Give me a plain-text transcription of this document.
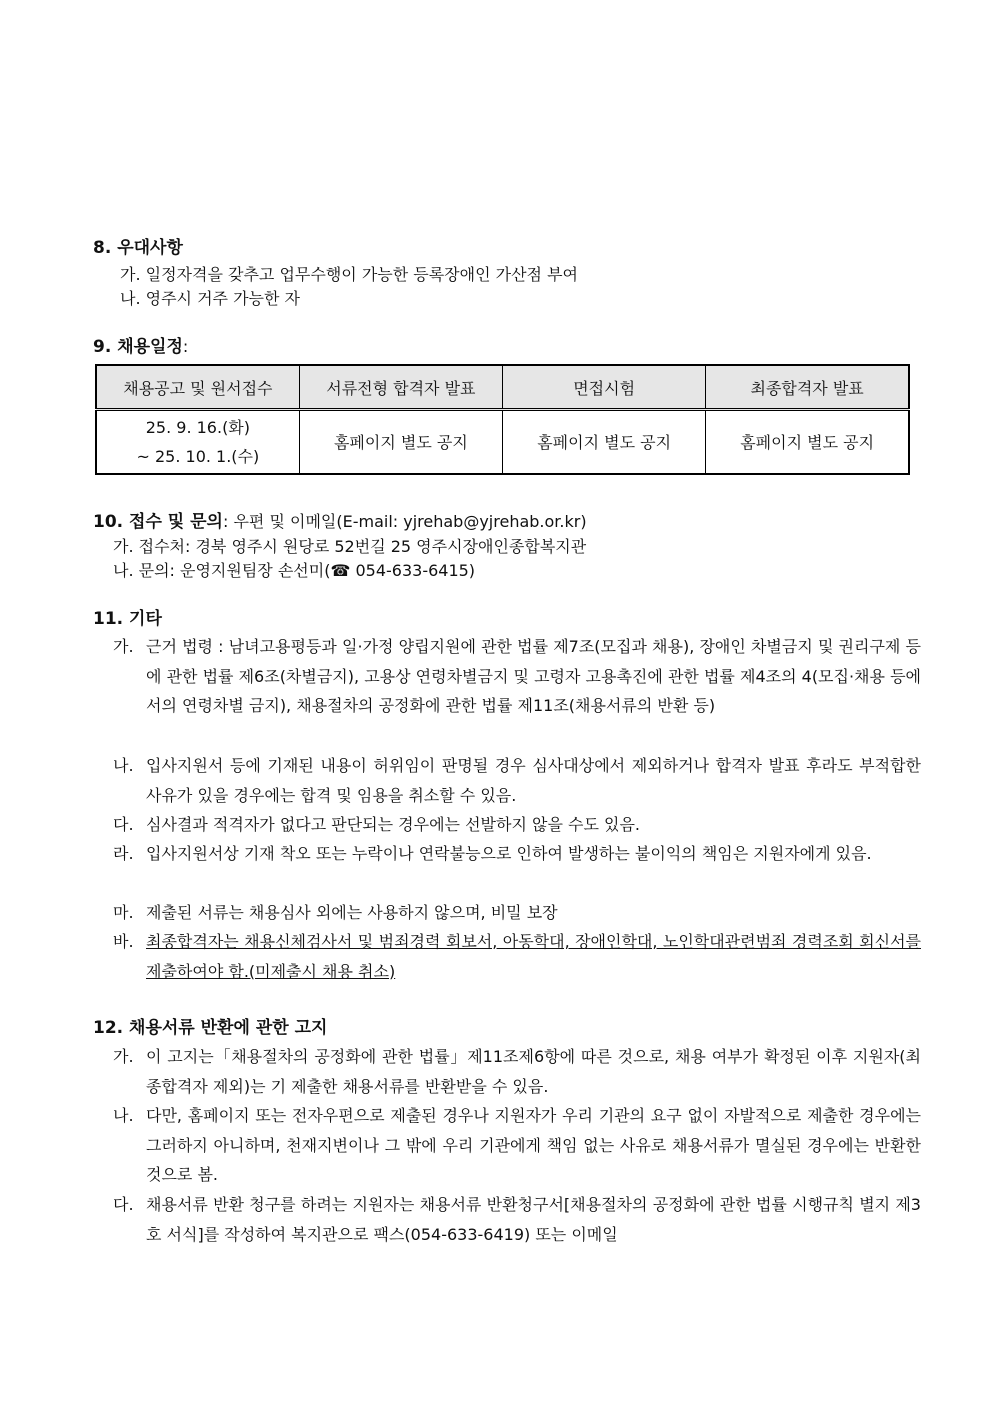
8. 우대사항
가. 일정자격을 갖추고 업무수행이 가능한 등록장애인 가산점 부여
나. 영주시 거주 가능한 자
9. 채용일정:
채용공고 및 원서접수	서류전형 합격자 발표	면접시험	최종합격자 발표

25. 9. 16.(화)
~ 25. 10. 1.(수)	홈페이지 별도 공지	홈페이지 별도 공지	홈페이지 별도 공지
10. 접수 및 문의: 우편 및 이메일(E-mail: yjrehab@yjrehab.or.kr)
가. 접수처: 경북 영주시 원당로 52번길 25 영주시장애인종합복지관
나. 문의: 운영지원팀장 손선미(☎ 054-633-6415)
11. 기타
가. 근거 법령 : 남녀고용평등과 일·가정 양립지원에 관한 법률 제7조(모집과 채용), 장애인 차별금지 및 권리구제 등에 관한 법률 제6조(차별금지), 고용상 연령차별금지 및 고령자 고용촉진에 관한 법률 제4조의 4(모집·채용 등에서의 연령차별 금지), 채용절차의 공정화에 관한 법률 제11조(채용서류의 반환 등)
나. 입사지원서 등에 기재된 내용이 허위임이 판명될 경우 심사대상에서 제외하거나 합격자 발표 후라도 부적합한 사유가 있을 경우에는 합격 및 임용을 취소할 수 있음.
다. 심사결과 적격자가 없다고 판단되는 경우에는 선발하지 않을 수도 있음.
라. 입사지원서상 기재 착오 또는 누락이나 연락불능으로 인하여 발생하는 불이익의 책임은 지원자에게 있음.
마. 제출된 서류는 채용심사 외에는 사용하지 않으며, 비밀 보장
바. 최종합격자는 채용신체검사서 및 범죄경력 회보서, 아동학대, 장애인학대, 노인학대관련범죄 경력조회 회신서를 제출하여야 함.(미제출시 채용 취소)
12. 채용서류 반환에 관한 고지
가. 이 고지는「채용절차의 공정화에 관한 법률」제11조제6항에 따른 것으로, 채용 여부가 확정된 이후 지원자(최종합격자 제외)는 기 제출한 채용서류를 반환받을 수 있음.
나. 다만, 홈페이지 또는 전자우편으로 제출된 경우나 지원자가 우리 기관의 요구 없이 자발적으로 제출한 경우에는 그러하지 아니하며, 천재지변이나 그 밖에 우리 기관에게 책임 없는 사유로 채용서류가 멸실된 경우에는 반환한 것으로 봄.
다. 채용서류 반환 청구를 하려는 지원자는 채용서류 반환청구서[채용절차의 공정화에 관한 법률 시행규칙 별지 제3호 서식]를 작성하여 복지관으로 팩스(054-633-6419) 또는 이메일
